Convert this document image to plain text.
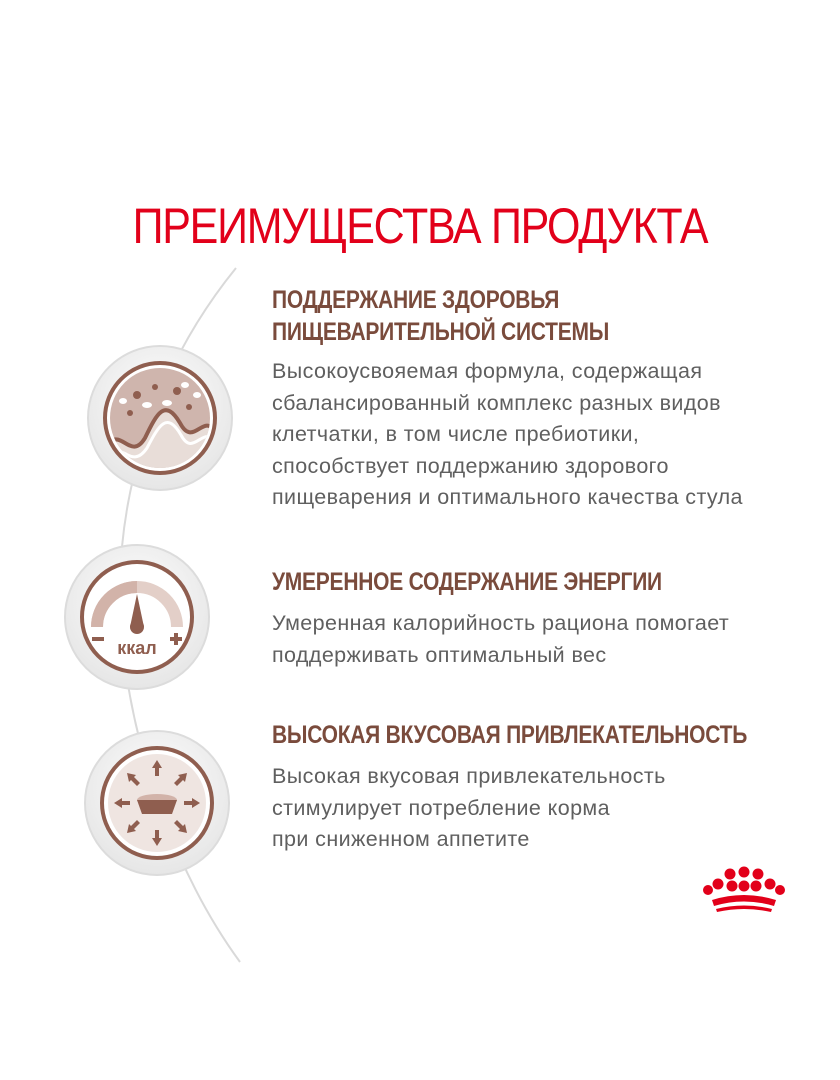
ПРЕИМУЩЕСТВА ПРОДУКТА
ПОДДЕРЖАНИЕ ЗДОРОВЬЯ
ПИЩЕВАРИТЕЛЬНОЙ СИСТЕМЫ

Высокоусвояемая формула, содержащая
сбалансированный комплекс разных видов
клетчатки, в том числе пребиотики,
способствует поддержанию здорового
пищеварения и оптимального качества стула

ккал
УМЕРЕННОЕ СОДЕРЖАНИЕ ЭНЕРГИИ

Умеренная калорийность рациона помогает
поддерживать оптимальный вес

ВЫСОКАЯ ВКУСОВАЯ ПРИВЛЕКАТЕЛЬНОСТЬ

Высокая вкусовая привлекательность
стимулирует потребление корма
при сниженном аппетите
